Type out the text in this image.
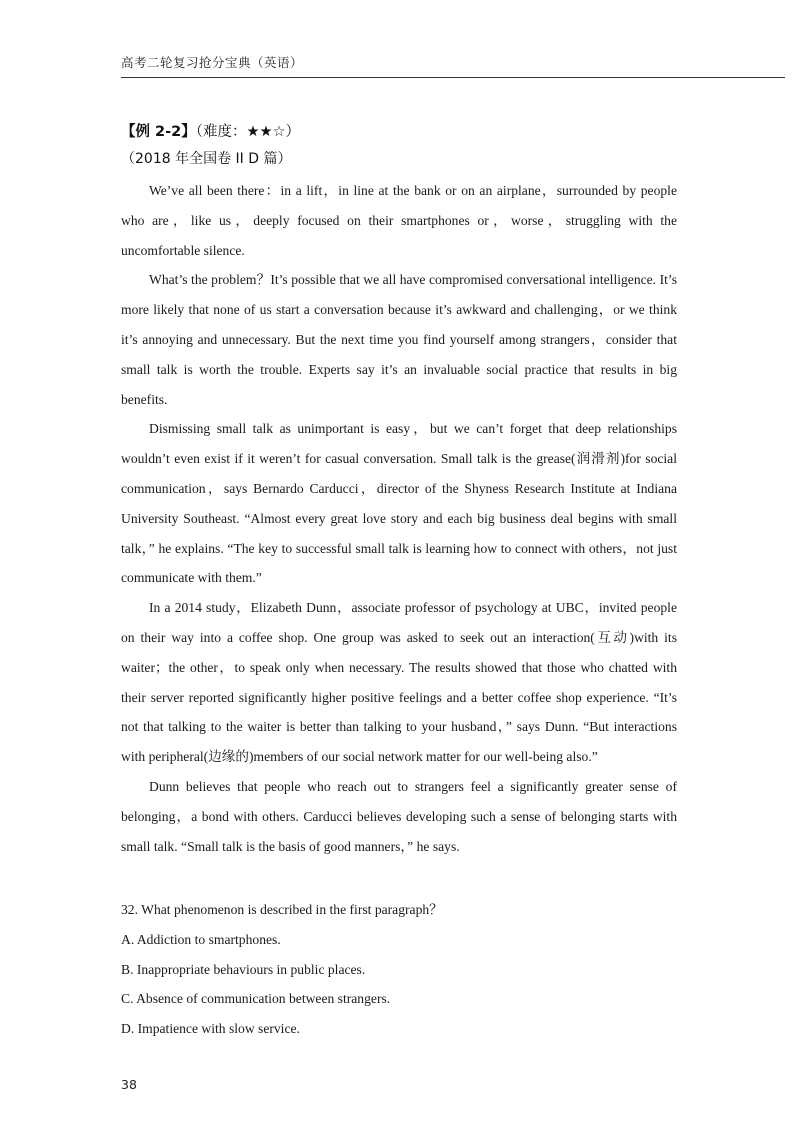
高考二轮复习抢分宝典（英语）
【例 2-2】（难度：★★☆）
（2018 年全国卷 II D 篇）

We’ve all been there：in a lift，in line at the bank or on an airplane，surrounded by people who are，like us，deeply focused on their smartphones or，worse，struggling with the uncomfortable silence.

What’s the problem？It’s possible that we all have compromised conversational intelligence. It’s more likely that none of us start a conversation because it’s awkward and challenging，or we think it’s annoying and unnecessary. But the next time you find yourself among strangers，consider that small talk is worth the trouble. Experts say it’s an invaluable social practice that results in big benefits.

Dismissing small talk as unimportant is easy，but we can’t forget that deep relationships wouldn’t even exist if it weren’t for casual conversation. Small talk is the grease(润滑剂)for social communication，says Bernardo Carducci，director of the Shyness Research Institute at Indiana University Southeast. “Almost every great love story and each big business deal begins with small talk，” he explains. “The key to successful small talk is learning how to connect with others，not just communicate with them.”

In a 2014 study，Elizabeth Dunn，associate professor of psychology at UBC，invited people on their way into a coffee shop. One group was asked to seek out an interaction(互动)with its waiter；the other，to speak only when necessary. The results showed that those who chatted with their server reported significantly higher positive feelings and a better coffee shop experience. “It’s not that talking to the waiter is better than talking to your husband，” says Dunn. “But interactions with peripheral(边缘的)members of our social network matter for our well-being also.”

Dunn believes that people who reach out to strangers feel a significantly greater sense of belonging，a bond with others. Carducci believes developing such a sense of belonging starts with small talk. “Small talk is the basis of good manners，” he says.

32. What phenomenon is described in the first paragraph？
A. Addiction to smartphones.
B. Inappropriate behaviours in public places.
C. Absence of communication between strangers.
D. Impatience with slow service.
38
